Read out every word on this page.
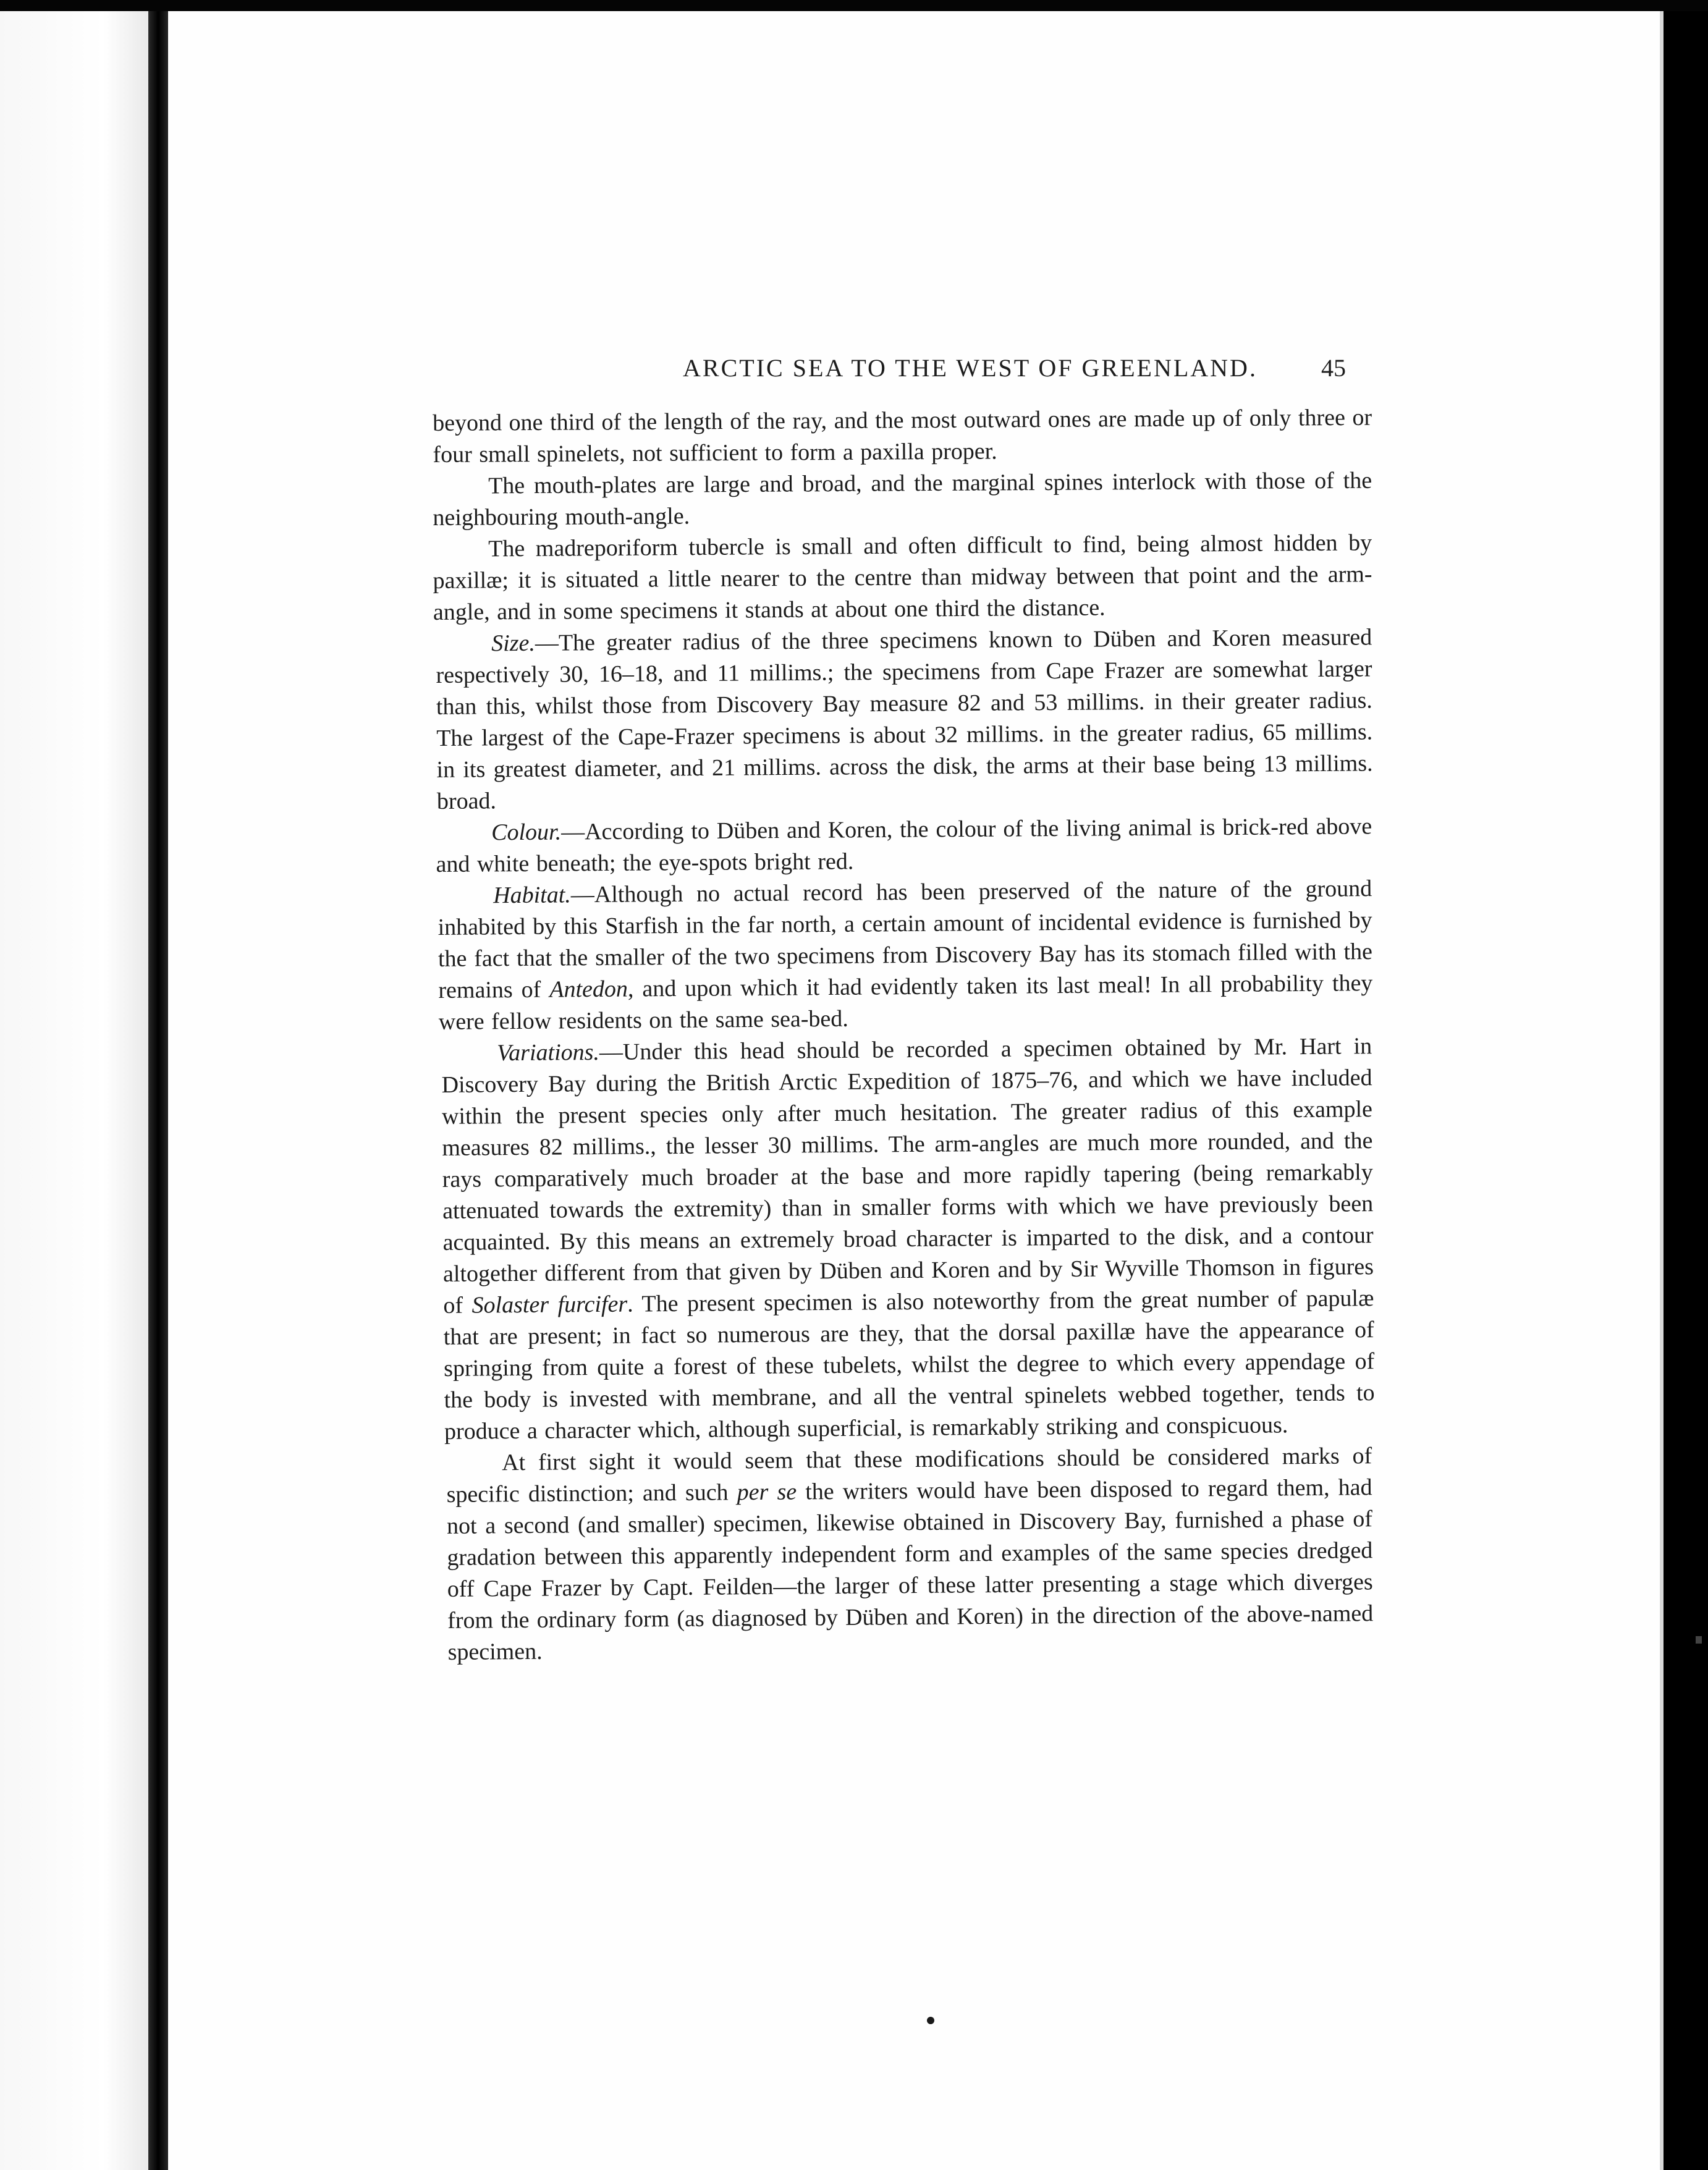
ARCTIC SEA TO THE WEST OF GREENLAND.	45

beyond one third of the length of the ray, and the most outward ones are made up of only three or four small spinelets, not sufficient to form a paxilla proper.

The mouth-plates are large and broad, and the marginal spines interlock with those of the neighbouring mouth-angle.

The madreporiform tubercle is small and often difficult to find, being almost hidden by paxillæ; it is situated a little nearer to the centre than midway between that point and the arm-angle, and in some specimens it stands at about one third the distance.

Size.—The greater radius of the three specimens known to Düben and Koren measured respectively 30, 16–18, and 11 millims.; the specimens from Cape Frazer are somewhat larger than this, whilst those from Discovery Bay measure 82 and 53 millims. in their greater radius. The largest of the Cape-Frazer specimens is about 32 millims. in the greater radius, 65 millims. in its greatest diameter, and 21 millims. across the disk, the arms at their base being 13 millims. broad.

Colour.—According to Düben and Koren, the colour of the living animal is brick-red above and white beneath; the eye-spots bright red.

Habitat.—Although no actual record has been preserved of the nature of the ground inhabited by this Starfish in the far north, a certain amount of incidental evidence is furnished by the fact that the smaller of the two specimens from Discovery Bay has its stomach filled with the remains of Antedon, and upon which it had evidently taken its last meal! In all probability they were fellow residents on the same sea-bed.

Variations.—Under this head should be recorded a specimen obtained by Mr. Hart in Discovery Bay during the British Arctic Expedition of 1875–76, and which we have included within the present species only after much hesitation. The greater radius of this example measures 82 millims., the lesser 30 millims. The arm-angles are much more rounded, and the rays comparatively much broader at the base and more rapidly tapering (being remarkably attenuated towards the extremity) than in smaller forms with which we have previously been acquainted. By this means an extremely broad character is imparted to the disk, and a contour altogether different from that given by Düben and Koren and by Sir Wyville Thomson in figures of Solaster furcifer. The present specimen is also noteworthy from the great number of papulæ that are present; in fact so numerous are they, that the dorsal paxillæ have the appearance of springing from quite a forest of these tubelets, whilst the degree to which every appendage of the body is invested with membrane, and all the ventral spinelets webbed together, tends to produce a character which, although superficial, is remarkably striking and conspicuous.

At first sight it would seem that these modifications should be considered marks of specific distinction; and such per se the writers would have been disposed to regard them, had not a second (and smaller) specimen, likewise obtained in Discovery Bay, furnished a phase of gradation between this apparently independent form and examples of the same species dredged off Cape Frazer by Capt. Feilden—the larger of these latter presenting a stage which diverges from the ordinary form (as diagnosed by Düben and Koren) in the direction of the above-named specimen.
